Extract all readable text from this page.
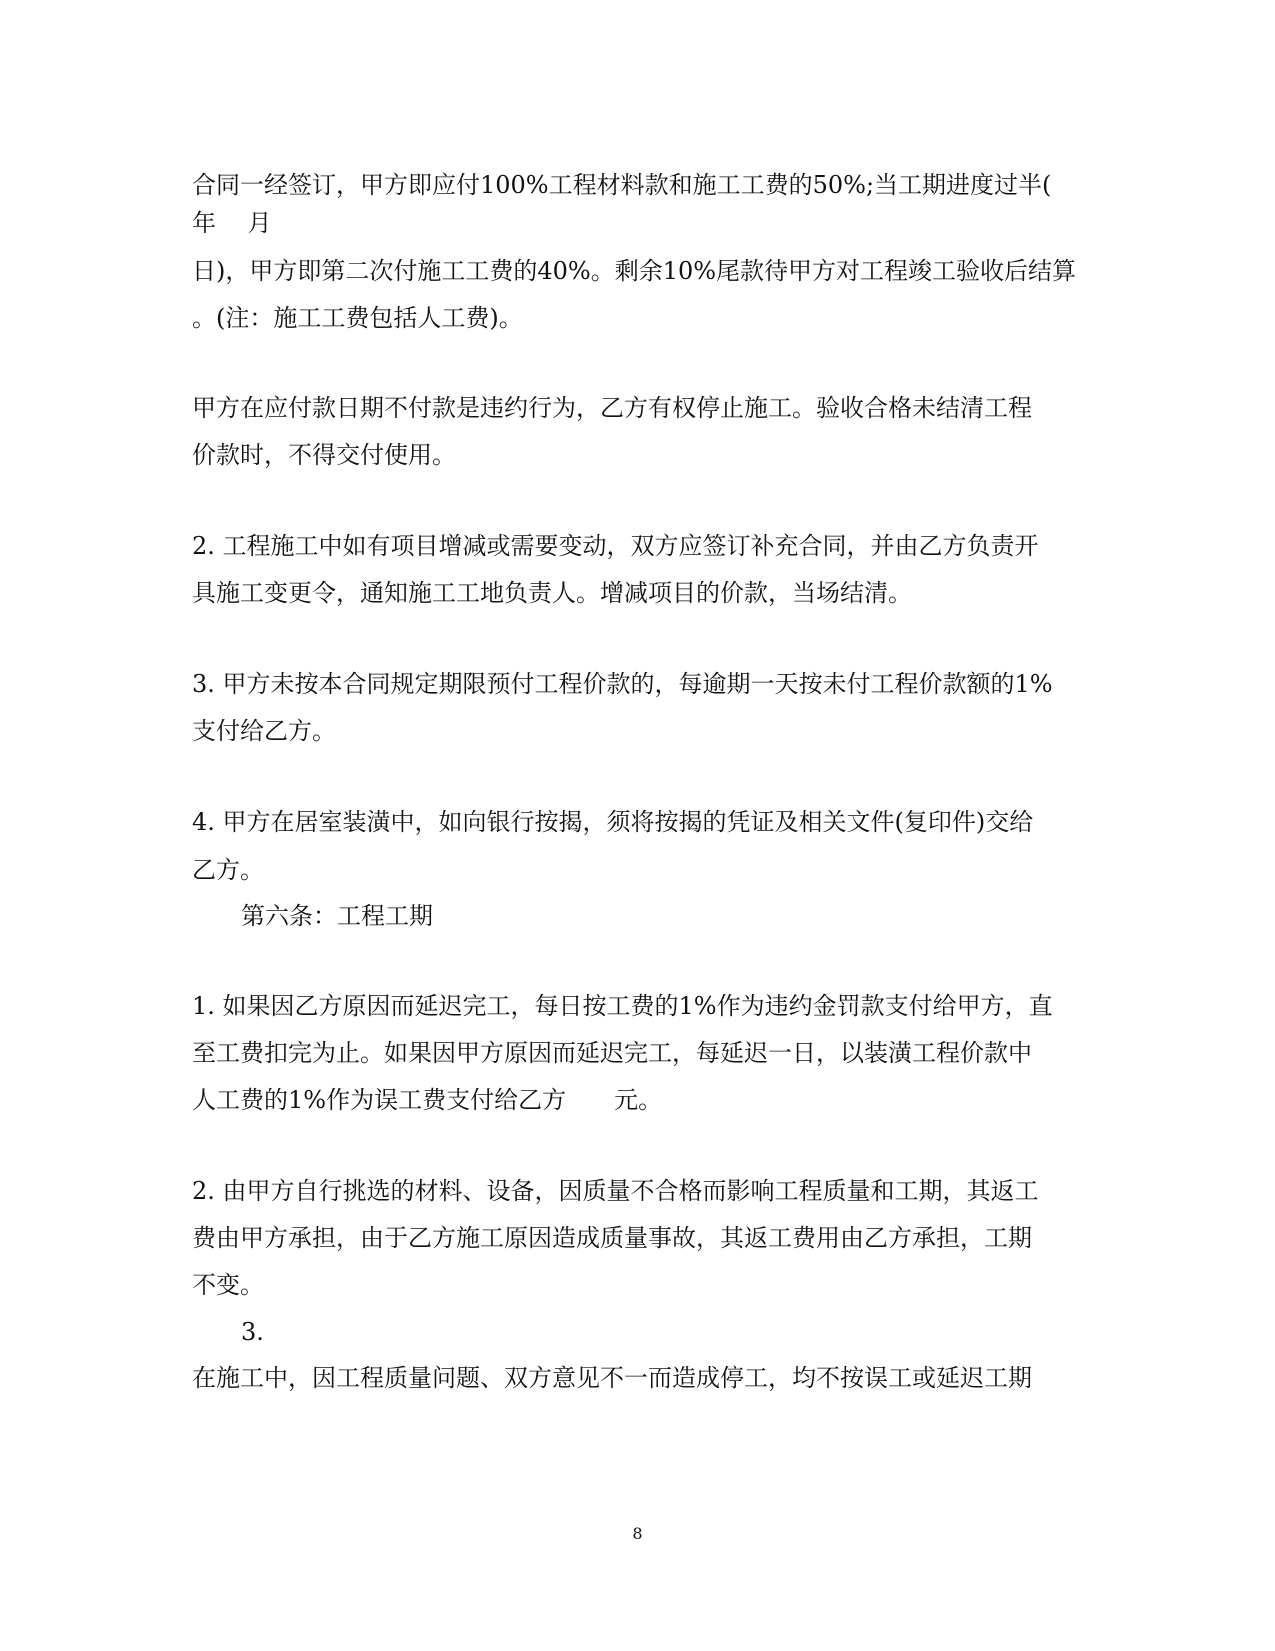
合同一经签订，甲方即应付100%工程材料款和施工工费的50%;当工期进度过半(
年　 月
日)，甲方即第二次付施工工费的40%。剩余10%尾款待甲方对工程竣工验收后结算
。(注：施工工费包括人工费)。
甲方在应付款日期不付款是违约行为，乙方有权停止施工。验收合格未结清工程
价款时，不得交付使用。
2. 工程施工中如有项目增减或需要变动，双方应签订补充合同，并由乙方负责开
具施工变更令，通知施工工地负责人。增减项目的价款，当场结清。
3. 甲方未按本合同规定期限预付工程价款的，每逾期一天按未付工程价款额的1%
支付给乙方。
4. 甲方在居室装潢中，如向银行按揭，须将按揭的凭证及相关文件(复印件)交给
乙方。
第六条：工程工期
1. 如果因乙方原因而延迟完工，每日按工费的1%作为违约金罚款支付给甲方，直
至工费扣完为止。如果因甲方原因而延迟完工，每延迟一日，以装潢工程价款中
人工费的1%作为误工费支付给乙方　　元。
2. 由甲方自行挑选的材料、设备，因质量不合格而影响工程质量和工期，其返工
费由甲方承担，由于乙方施工原因造成质量事故，其返工费用由乙方承担，工期
不变。
3.
在施工中，因工程质量问题、双方意见不一而造成停工，均不按误工或延迟工期
8
